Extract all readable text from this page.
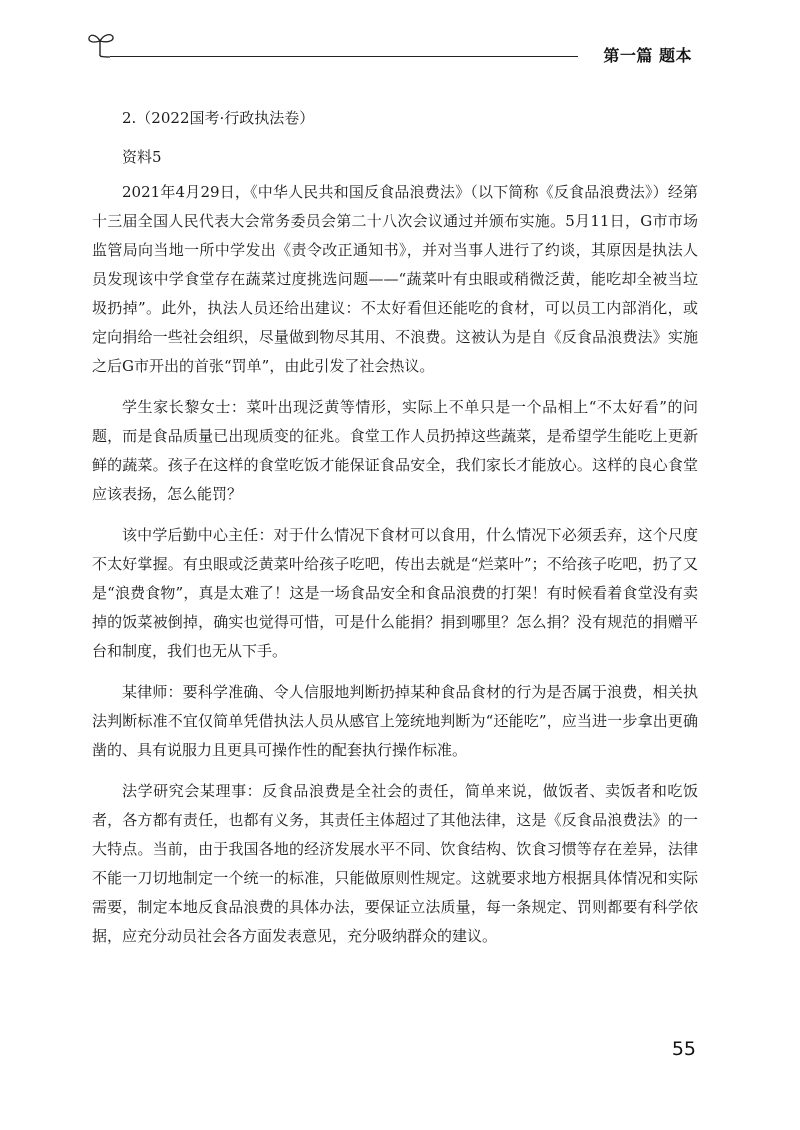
第一篇 题本

2.（2022国考·行政执法卷）

资料5

2021年4月29日，《中华人民共和国反食品浪费法》（以下简称《反食品浪费法》）经第十三届全国人民代表大会常务委员会第二十八次会议通过并颁布实施。5月11日，G市市场监管局向当地一所中学发出《责令改正通知书》，并对当事人进行了约谈，其原因是执法人员发现该中学食堂存在蔬菜过度挑选问题——“蔬菜叶有虫眼或稍微泛黄，能吃却全被当垃圾扔掉”。此外，执法人员还给出建议：不太好看但还能吃的食材，可以员工内部消化，或定向捐给一些社会组织，尽量做到物尽其用、不浪费。这被认为是自《反食品浪费法》实施之后G市开出的首张“罚单”，由此引发了社会热议。

学生家长黎女士：菜叶出现泛黄等情形，实际上不单只是一个品相上“不太好看”的问题，而是食品质量已出现质变的征兆。食堂工作人员扔掉这些蔬菜，是希望学生能吃上更新鲜的蔬菜。孩子在这样的食堂吃饭才能保证食品安全，我们家长才能放心。这样的良心食堂应该表扬，怎么能罚？

该中学后勤中心主任：对于什么情况下食材可以食用，什么情况下必须丢弃，这个尺度不太好掌握。有虫眼或泛黄菜叶给孩子吃吧，传出去就是“烂菜叶”；不给孩子吃吧，扔了又是“浪费食物”，真是太难了！这是一场食品安全和食品浪费的打架！有时候看着食堂没有卖掉的饭菜被倒掉，确实也觉得可惜，可是什么能捐？捐到哪里？怎么捐？没有规范的捐赠平台和制度，我们也无从下手。

某律师：要科学准确、令人信服地判断扔掉某种食品食材的行为是否属于浪费，相关执法判断标准不宜仅简单凭借执法人员从感官上笼统地判断为“还能吃”，应当进一步拿出更确凿的、具有说服力且更具可操作性的配套执行操作标准。

法学研究会某理事：反食品浪费是全社会的责任，简单来说，做饭者、卖饭者和吃饭者，各方都有责任，也都有义务，其责任主体超过了其他法律，这是《反食品浪费法》的一大特点。当前，由于我国各地的经济发展水平不同、饮食结构、饮食习惯等存在差异，法律不能一刀切地制定一个统一的标准，只能做原则性规定。这就要求地方根据具体情况和实际需要，制定本地反食品浪费的具体办法，要保证立法质量，每一条规定、罚则都要有科学依据，应充分动员社会各方面发表意见，充分吸纳群众的建议。

55
